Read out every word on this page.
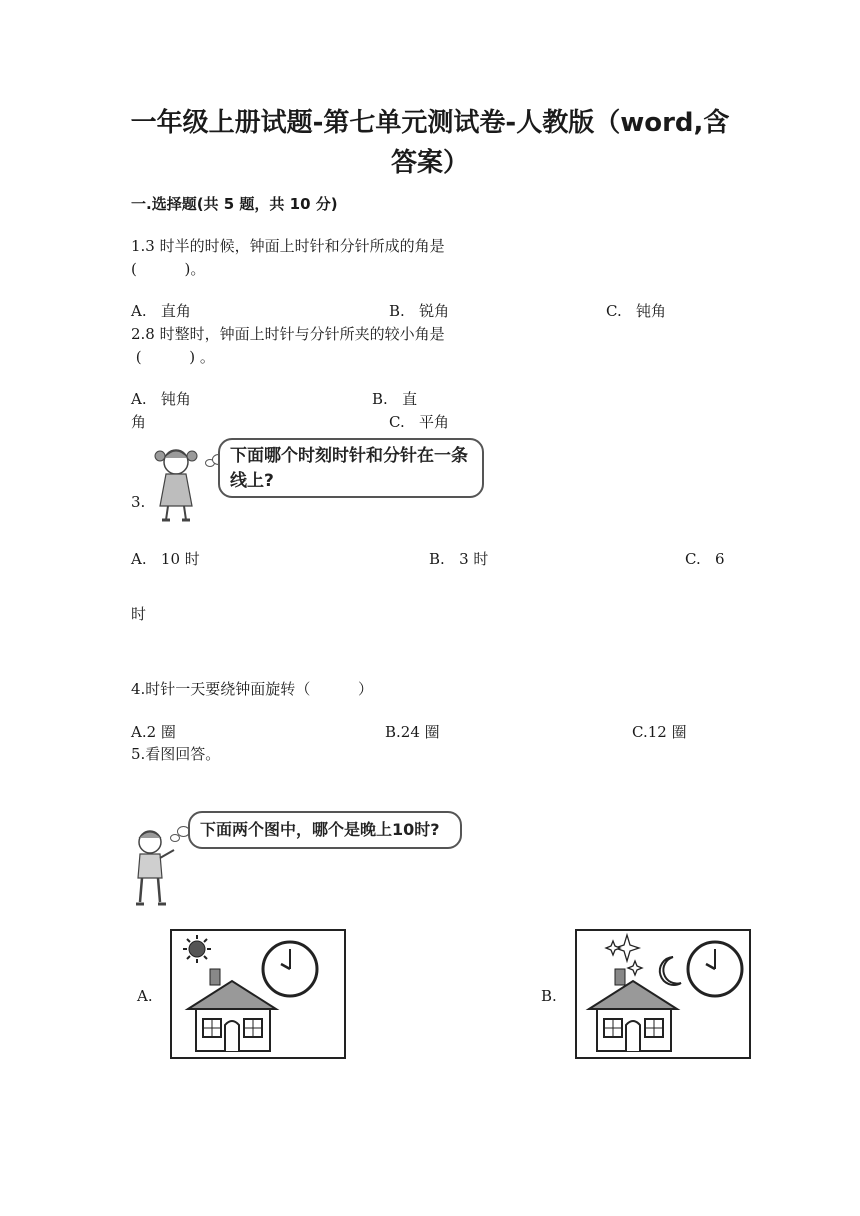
一年级上册试题-第七单元测试卷-人教版（word,含
答案）
一.选择题(共 5 题，共 10 分)
1.3 时半的时候，钟面上时针和分针所成的角是
(          )。
A.   直角	B.   锐角	C.   钝角
2.8 时整时，钟面上时针与分针所夹的较小角是
(          ) 。
A.   钝角	B.   直
角	C.   平角
下面哪个时刻时针和分针在一条线上?
3.
A.   10 时	B.   3 时	C.   6
时
4.时针一天要绕钟面旋转（          ）
A.2 圈	B.24 圈	C.12 圈
5.看图回答。
下面两个图中，哪个是晚上10时?
A.	B.
